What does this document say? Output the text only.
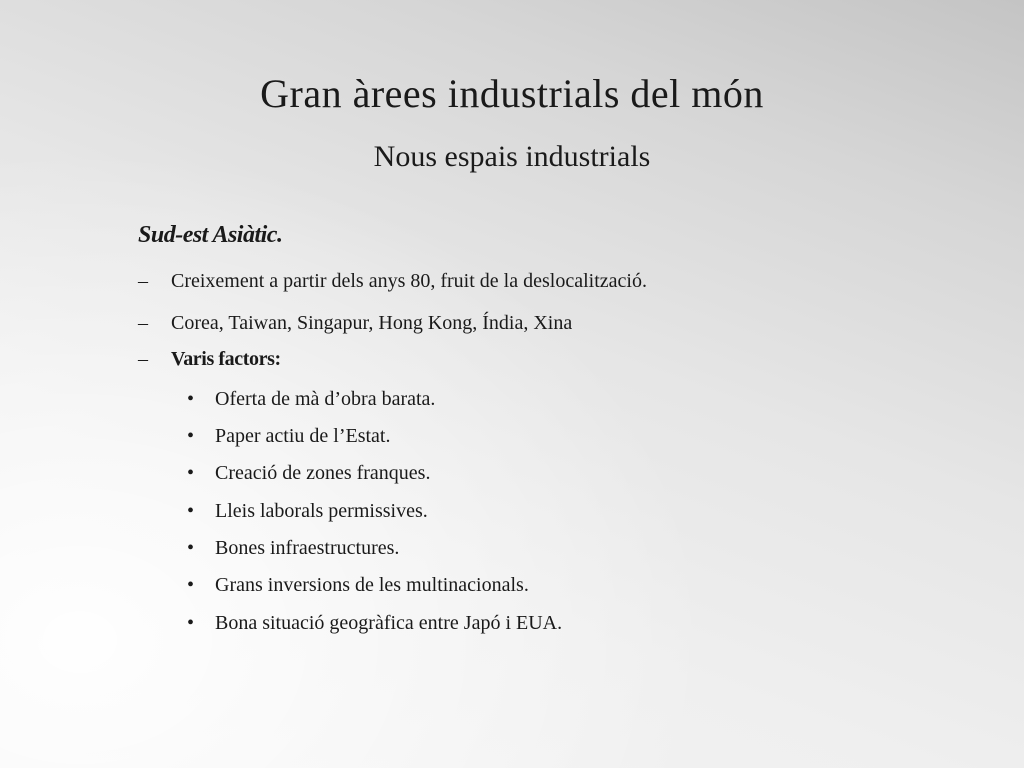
Gran àrees industrials del món
Nous espais industrials
Sud-est Asiàtic.
– Creixement a partir dels anys 80, fruit de la deslocalització.
– Corea, Taiwan, Singapur, Hong Kong, Índia, Xina
– Varis factors:
• Oferta de mà d’obra barata.
• Paper actiu de l’Estat.
• Creació de zones franques.
• Lleis laborals permissives.
• Bones infraestructures.
• Grans inversions de les multinacionals.
• Bona situació geogràfica entre Japó i EUA.
